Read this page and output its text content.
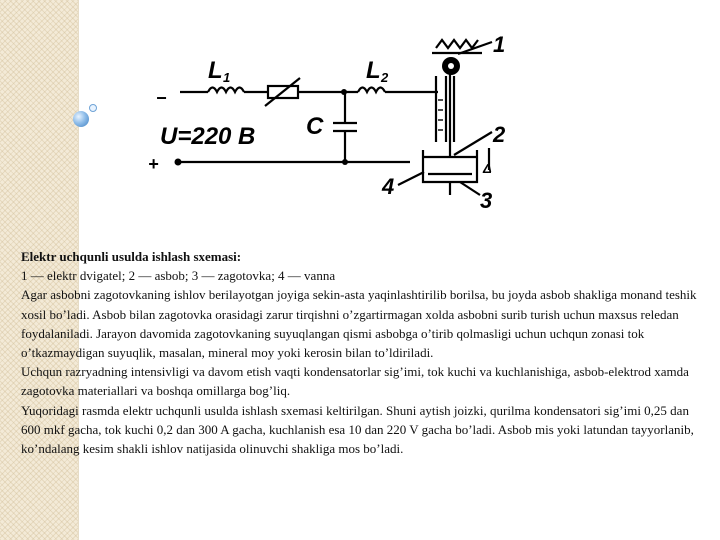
L 1	L 2
C
U=220 B
+
−
Δ
1
2
3
4

Elektr uchqunli usulda ishlash sxemasi:

1 — elektr dvigatel; 2 — asbob; 3 — zagotovka; 4 — vanna

Agar asbobni zagotovkaning ishlov berilayotgan joyiga sekin-asta yaqinlashtirilib borilsa, bu joyda asbob shakliga monand teshik xosil bo’ladi. Asbob bilan zagotovka orasidagi zarur tirqishni o’zgartirmagan xolda asbobni surib turish uchun maxsus reledan foydalaniladi. Jarayon davomida zagotovkaning suyuqlangan qismi asbobga o’tirib qolmasligi uchun uchqun zonasi tok o’tkazmaydigan suyuqlik, masalan, mineral moy yoki kerosin bilan to’ldiriladi.

Uchqun razryadning intensivligi va davom etish vaqti kondensatorlar sig’imi, tok kuchi va kuchlanishiga, asbob-elektrod xamda zagotovka materiallari va boshqa omillarga bog’liq.

Yuqoridagi rasmda elektr uchqunli usulda ishlash sxemasi keltirilgan. Shuni aytish joizki, qurilma kondensatori sig’imi 0,25 dan 600 mkf gacha, tok kuchi 0,2 dan 300 A gacha, kuchlanish esa 10 dan 220 V gacha bo’ladi. Asbob mis yoki latundan tayyorlanib, ko’ndalang kesim shakli ishlov natijasida olinuvchi shakliga mos bo’ladi.
